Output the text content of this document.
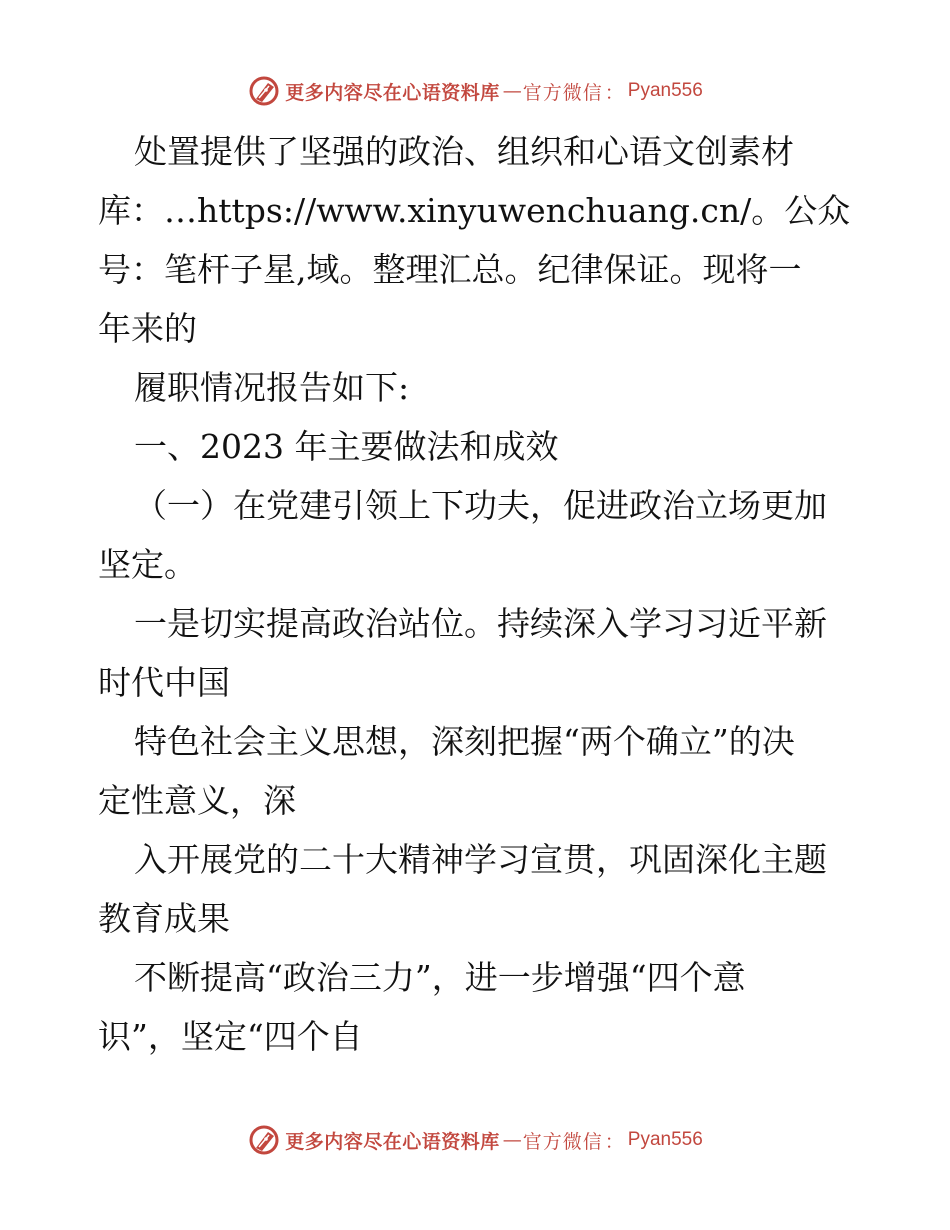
更多内容尽在心语资料库 — 官方微信 ： Pyan556
处置提供了坚强的政治、组织和心语文创素材
库：…https://www.xinyuwenchuang.cn/。公众
号：笔杆子星,域。整理汇总。纪律保证。现将一
年来的
履职情况报告如下:
一、2023 年主要做法和成效
（一）在党建引领上下功夫，促进政治立场更加
坚定。
一是切实提高政治站位。持续深入学习习近平新
时代中国
特色社会主义思想，深刻把握“两个确立”的决
定性意义，深
入开展党的二十大精神学习宣贯，巩固深化主题
教育成果
不断提高“政治三力”，进一步增强“四个意
识”，坚定“四个自
更多内容尽在心语资料库 — 官方微信 ： Pyan556
